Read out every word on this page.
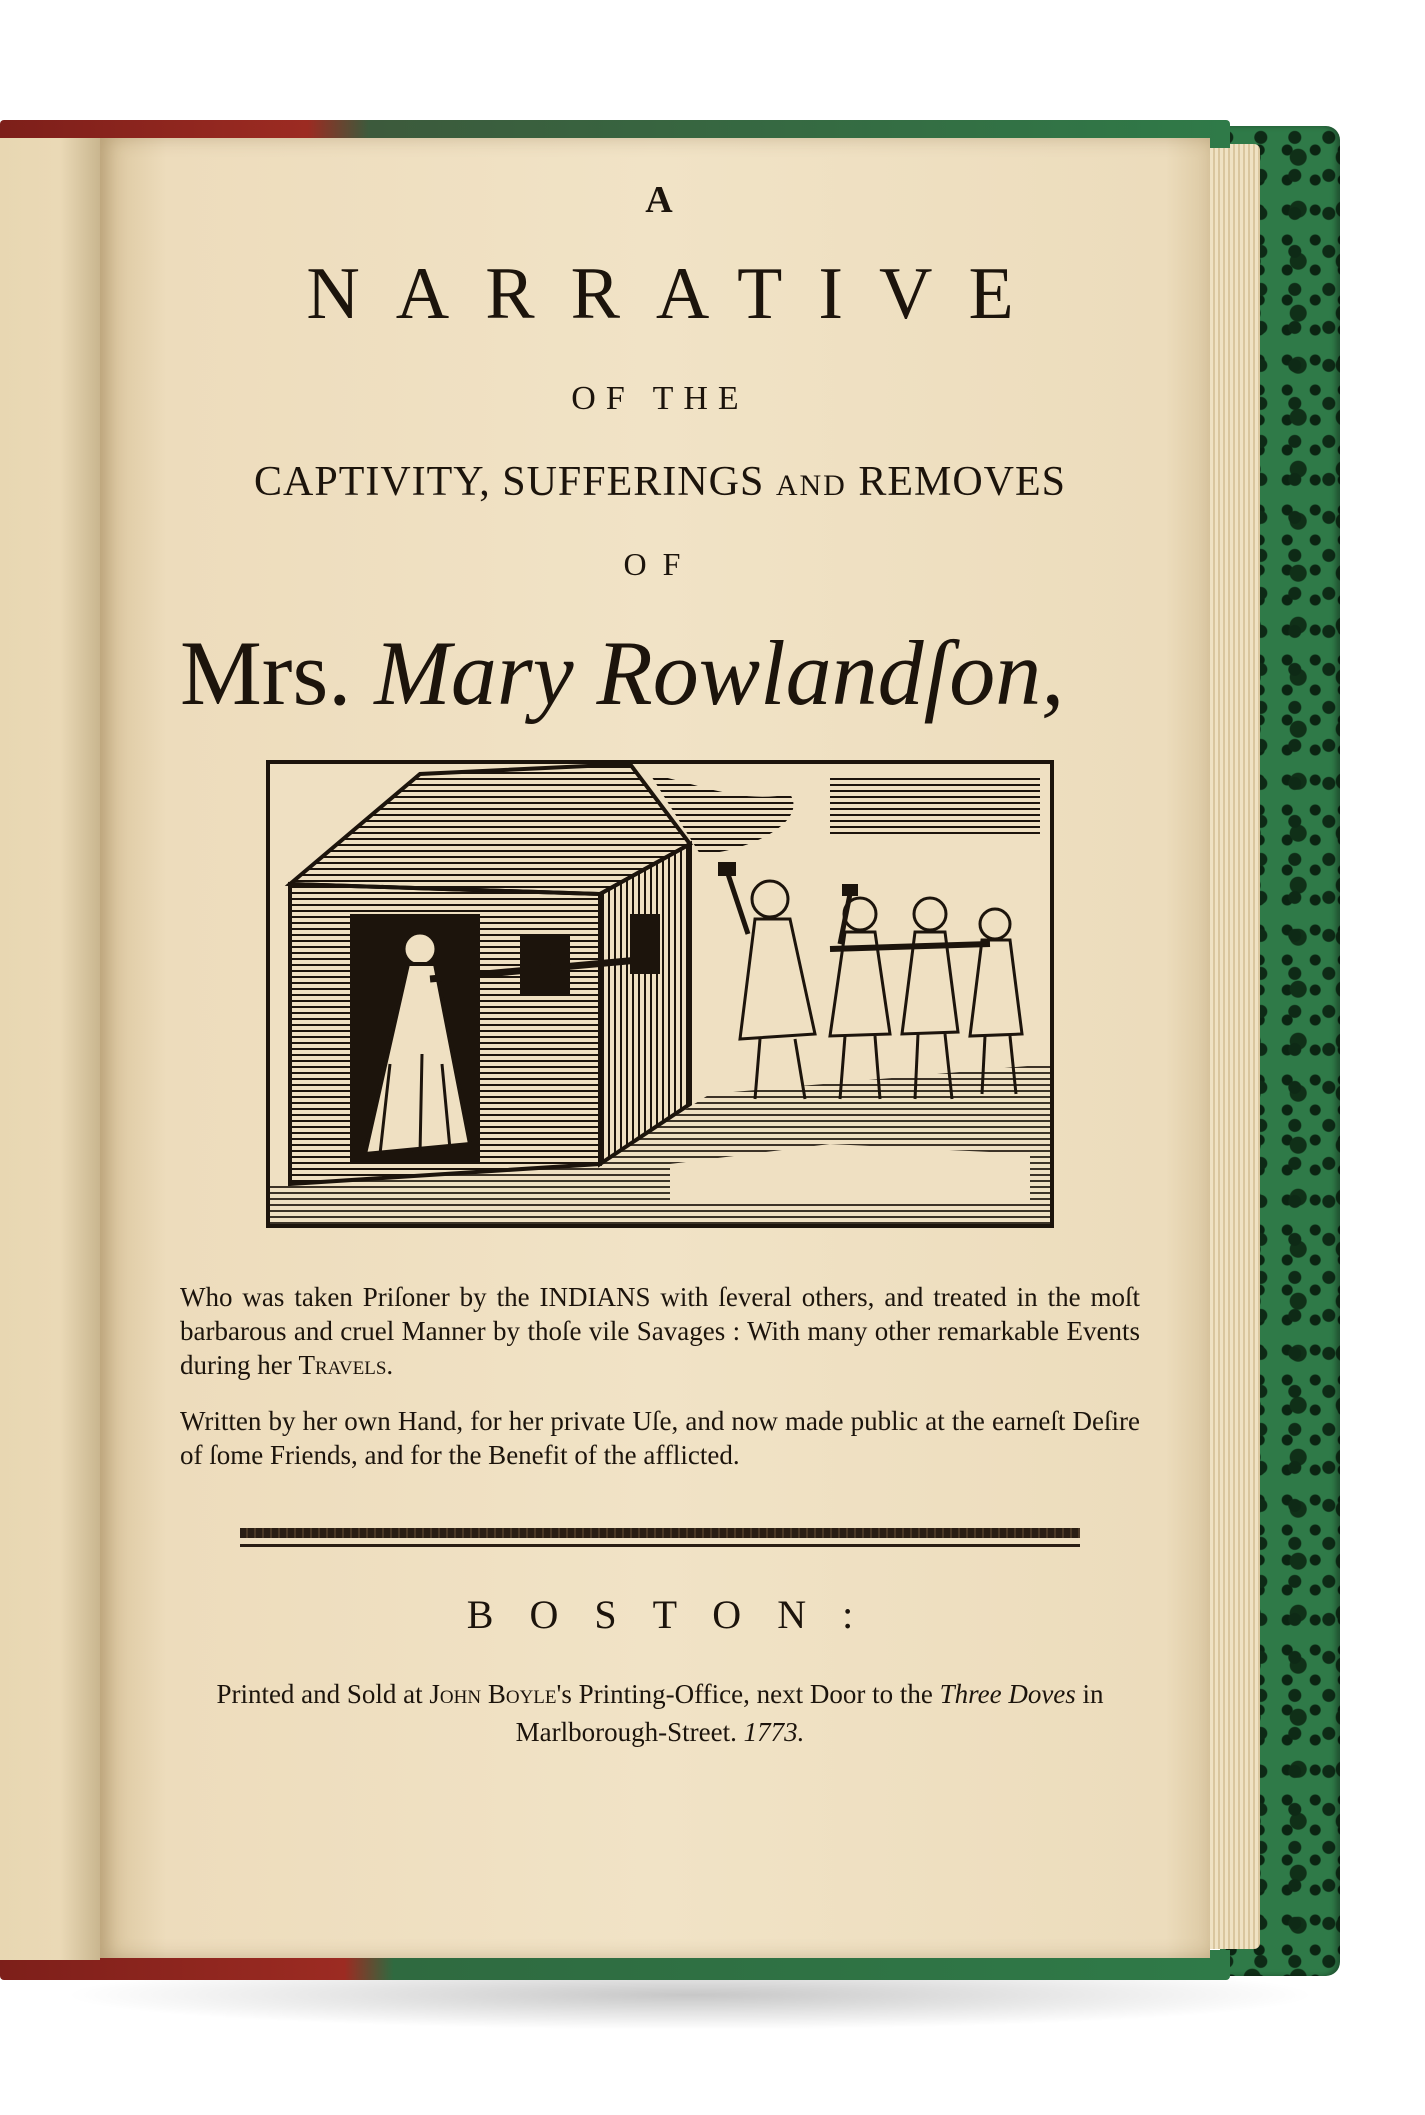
A
NARRATIVE
OF THE
CAPTIVITY, SUFFERINGS AND REMOVES
OF
Mrs. Mary Rowlandſon,
Who was taken Priſoner by the INDIANS with ſeveral others, and treated in the moſt barbarous and cruel Manner by thoſe vile Savages : With many other remarkable Events during her Travels.
Written by her own Hand, for her private Uſe, and now made public at the earneſt Deſire of ſome Friends, and for the Benefit of the afflicted.
BOSTON:
Printed and Sold at John Boyle's Printing-Office, next Door to the Three Doves in Marlborough-Street. 1773.
